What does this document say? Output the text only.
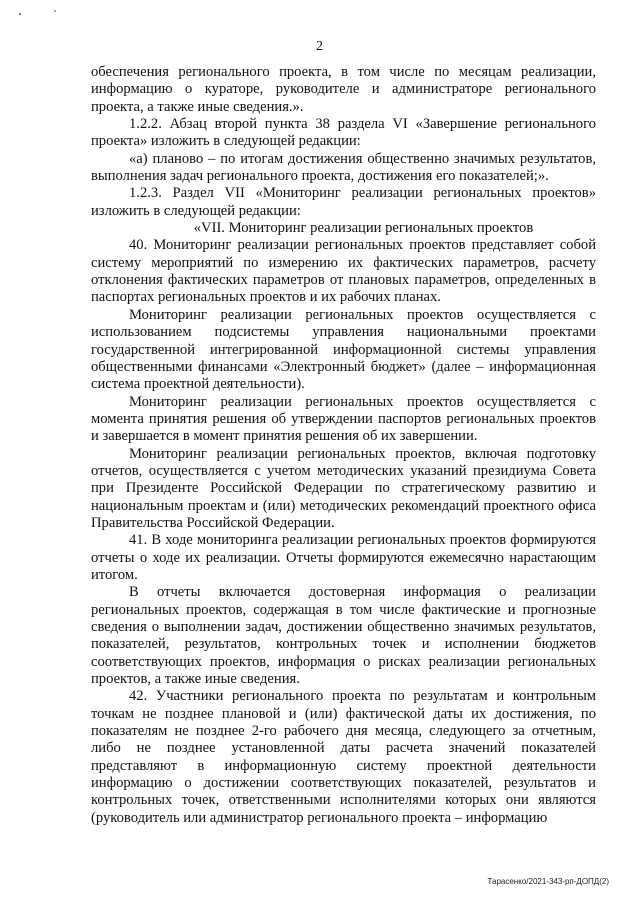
2

обеспечения регионального проекта, в том числе по месяцам реализации, информацию о кураторе, руководителе и администраторе регионального проекта, а также иные сведения.».

1.2.2. Абзац второй пункта 38 раздела VI «Завершение регионального проекта» изложить в следующей редакции:

«а) планово – по итогам достижения общественно значимых результатов, выполнения задач регионального проекта, достижения его показателей;».

1.2.3. Раздел VII «Мониторинг реализации региональных проектов» изложить в следующей редакции:

«VII. Мониторинг реализации региональных проектов

40. Мониторинг реализации региональных проектов представляет собой систему мероприятий по измерению их фактических параметров, расчету отклонения фактических параметров от плановых параметров, определенных в паспортах региональных проектов и их рабочих планах.

Мониторинг реализации региональных проектов осуществляется с использованием подсистемы управления национальными проектами государственной интегрированной информационной системы управления общественными финансами «Электронный бюджет» (далее – информационная система проектной деятельности).

Мониторинг реализации региональных проектов осуществляется с момента принятия решения об утверждении паспортов региональных проектов и завершается в момент принятия решения об их завершении.

Мониторинг реализации региональных проектов, включая подготовку отчетов, осуществляется с учетом методических указаний президиума Совета при Президенте Российской Федерации по стратегическому развитию и национальным проектам и (или) методических рекомендаций проектного офиса Правительства Российской Федерации.

41. В ходе мониторинга реализации региональных проектов формируются отчеты о ходе их реализации. Отчеты формируются ежемесячно нарастающим итогом.

В отчеты включается достоверная информация о реализации региональных проектов, содержащая в том числе фактические и прогнозные сведения о выполнении задач, достижении общественно значимых результатов, показателей, результатов, контрольных точек и исполнении бюджетов соответствующих проектов, информация о рисках реализации региональных проектов, а также иные сведения.

42. Участники регионального проекта по результатам и контрольным точкам не позднее плановой и (или) фактической даты их достижения, по показателям не позднее 2-го рабочего дня месяца, следующего за отчетным, либо не позднее установленной даты расчета значений показателей представляют в информационную систему проектной деятельности информацию о достижении соответствующих показателей, результатов и контрольных точек, ответственными исполнителями которых они являются (руководитель или администратор регионального проекта – информацию

Тарасенко/2021-343-рп-ДОПД(2)
